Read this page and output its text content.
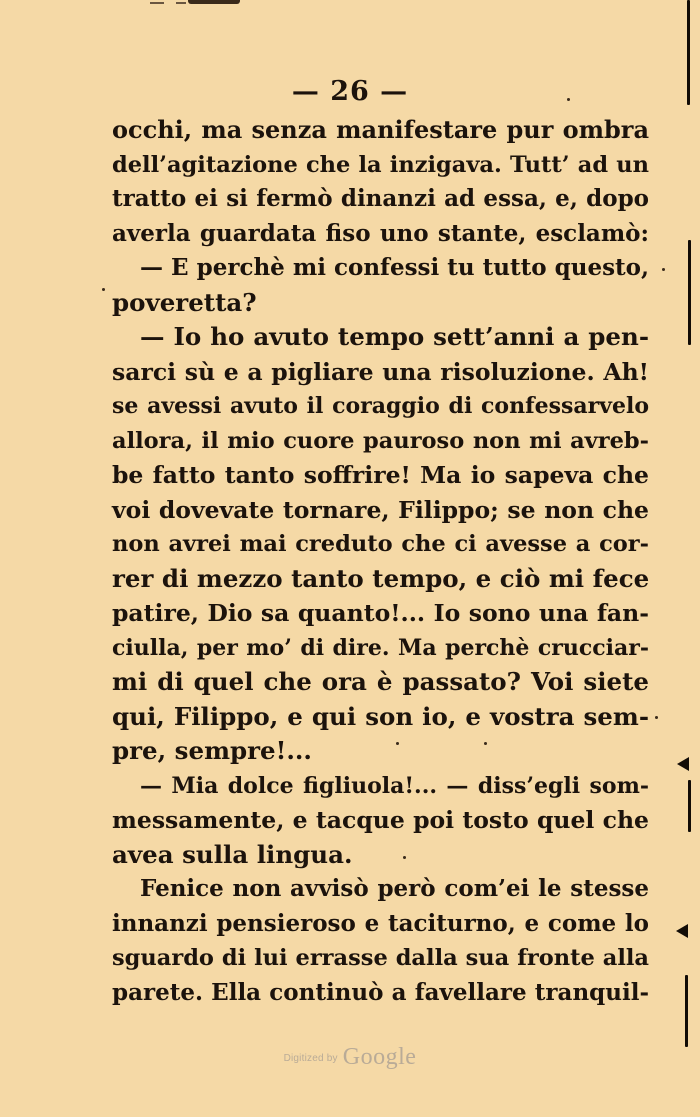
— 26 —
occhi, ma senza manifestare pur ombra
dell’agitazione che la inzigava. Tutt’ ad un
tratto ei si fermò dinanzi ad essa, e, dopo
averla guardata fiso uno stante, esclamò:
— E perchè mi confessi tu tutto questo,
poveretta?
— Io ho avuto tempo sett’anni a pen-
sarci sù e a pigliare una risoluzione. Ah!
se avessi avuto il coraggio di confessarvelo
allora, il mio cuore pauroso non mi avreb-
be fatto tanto soffrire! Ma io sapeva che
voi dovevate tornare, Filippo; se non che
non avrei mai creduto che ci avesse a cor-
rer di mezzo tanto tempo, e ciò mi fece
patire, Dio sa quanto!... Io sono una fan-
ciulla, per mo’ di dire. Ma perchè crucciar-
mi di quel che ora è passato? Voi siete
qui, Filippo, e qui son io, e vostra sem-
pre, sempre!...
— Mia dolce figliuola!... — diss’egli som-
messamente, e tacque poi tosto quel che
avea sulla lingua.
Fenice non avvisò però com’ei le stesse
innanzi pensieroso e taciturno, e come lo
sguardo di lui errasse dalla sua fronte alla
parete. Ella continuò a favellare tranquil-
Digitized by Google
